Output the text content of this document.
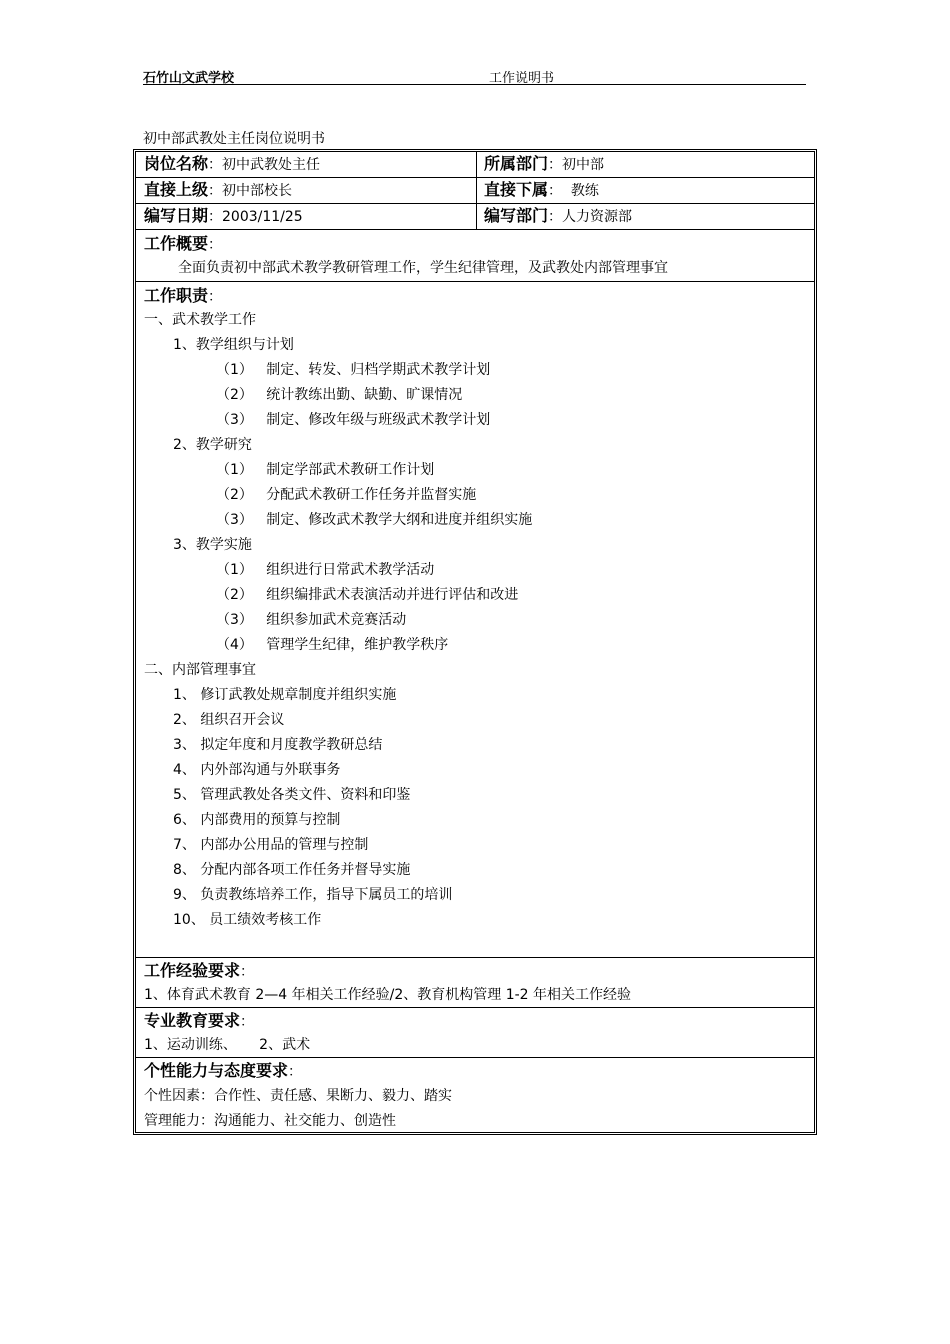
石竹山文武学校	工作说明书
初中部武教处主任岗位说明书
岗位名称：初中武教处主任	所属部门：初中部
直接上级：初中部校长	直接下属：  教练
编写日期：2003/11/25	编写部门：人力资源部
工作概要：
全面负责初中部武术教学教研管理工作，学生纪律管理，及武教处内部管理事宜
工作职责：
一、武术教学工作
1、教学组织与计划
（1）   制定、转发、归档学期武术教学计划
（2）   统计教练出勤、缺勤、旷课情况
（3）   制定、修改年级与班级武术教学计划
2、教学研究
（1）   制定学部武术教研工作计划
（2）   分配武术教研工作任务并监督实施
（3）   制定、修改武术教学大纲和进度并组织实施
3、教学实施
（1）   组织进行日常武术教学活动
（2）   组织编排武术表演活动并进行评估和改进
（3）   组织参加武术竞赛活动
（4）   管理学生纪律，维护教学秩序
二、内部管理事宜
1、 修订武教处规章制度并组织实施
2、 组织召开会议
3、 拟定年度和月度教学教研总结
4、 内外部沟通与外联事务
5、 管理武教处各类文件、资料和印鉴
6、 内部费用的预算与控制
7、 内部办公用品的管理与控制
8、 分配内部各项工作任务并督导实施
9、 负责教练培养工作，指导下属员工的培训
10、 员工绩效考核工作
工作经验要求：
1、体育武术教育 2—4 年相关工作经验/2、教育机构管理 1-2 年相关工作经验
专业教育要求：
1、运动训练、     2、武术
个性能力与态度要求：
个性因素：合作性、责任感、果断力、毅力、踏实
管理能力：沟通能力、社交能力、创造性
